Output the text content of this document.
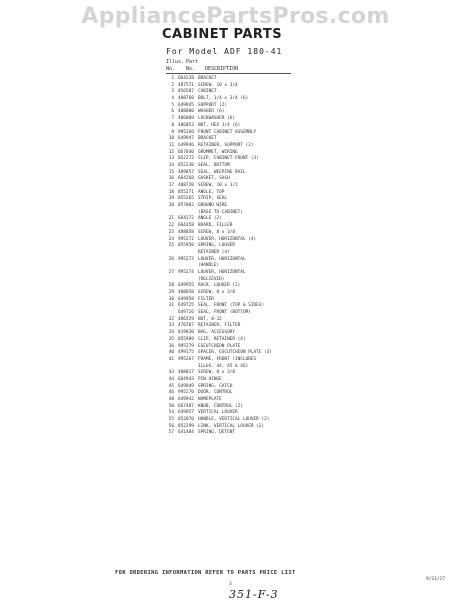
AppliancePartsPros.com
CABINET PARTS
For Model ADF 180-41
Illus. Part
No. No. DESCRIPTION
1 664228 BRACKET
2 487571 SCREW, 10 x 3/4
3 856587 CABINET
4 488760 BOLT, 1/4 x 3/4 (6)
5 649945 SUPPORT (2)
6 488800 WASHER (6)
7 486009 LOCKWASHER (6)
8 486053 NUT, HEX 1/4 (6)
9 995260 FRONT CABINET ASSEMBLY
10 649947 BRACKET
11 649946 RETAINER, SUPPORT (2)
12 667840 GROMMET, WIRING
13 852272 CLIP, CABINET FRONT (3)
14 852230 SEAL, BOTTOM
15 489857 SEAL, WEEPING RAIL
16 664268 GASKET, SASH
17 488720 SCREW, 10 x 1/2
18 855271 ANGLE, TOP
19 855265 STRIP, SEAL
20 857002 GROUND WIRE
(BASE TO CABINET)
21 664272 ANGLE (2)
22 664358 BOARD, FILLER
23 488858 SCREW, 8 x 3/8
24 995272 LOUVER, HORIZONTAL (4)
25 855950 SPRING, LOUVER
RETAINER (4)
26 995273 LOUVER, HORIZONTAL
(HANDLE)
27 995274 LOUVER, HORIZONTAL
(RELIEVED)
28 649955 RACK, LOUVER (2)
29 488858 SCREW, 8 x 3/8
30 649958 FILTER
31 649725 SEAL, FRONT (TOP & SIDES)
649726 SEAL, FRONT (BOTTOM)
32 486529 NUT, 8-32
33 476707 RETAINER, FILTER
34 819830 BAG, ACCESSORY
35 855909 CLIP, RETAINER (4)
36 995279 ESCUTCHEON PLATE
40 499175 SPACER, ESCUTCHEON PLATE (3)
41 995267 FRAME, FRONT (INCLUDES
ILLUS. 44, 45 & 46)
43 488017 SCREW, 8 x 3/8
44 664943 PIN HINGE
45 649949 SPRING, CATCH
46 995270 DOOR, CONTROL
48 649942 NAMEPLATE
50 667487 KNOB, CONTROL (2)
54 649957 VERTICAL LOUVER
55 852070 HANDLE, VERTICAL LOUVER (2)
56 852299 LINK, VERTICAL LOUVER (2)
57 641484 SPRING, DETENT
FOR ORDERING INFORMATION REFER TO PARTS PRICE LIST
3
9/21/27
351-F-3
